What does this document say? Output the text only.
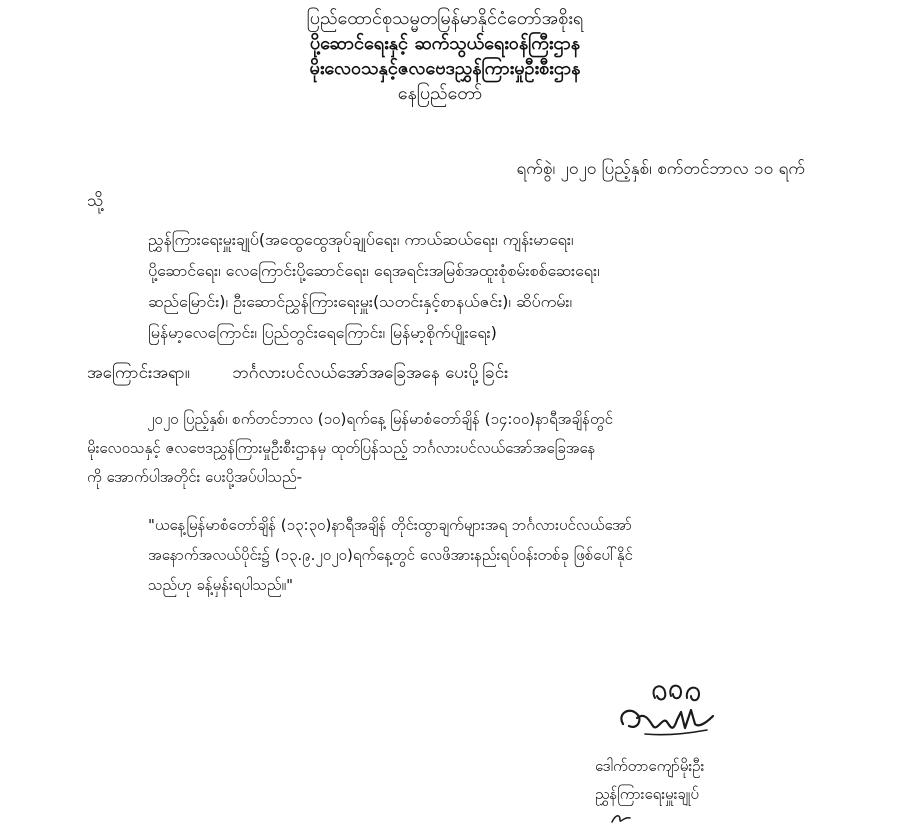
ပြည်ထောင်စုသမ္မတမြန်မာနိုင်ငံတော်အစိုးရ
ပို့ဆောင်ရေးနှင့် ဆက်သွယ်ရေးဝန်ကြီးဌာန
မိုးလေဝသနှင့်ဇလဗေဒညွှန်ကြားမှုဦးစီးဌာန
နေပြည်တော်
ရက်စွဲ၊ ၂၀၂၀ ပြည့်နှစ်၊ စက်တင်ဘာလ ၁၀ ရက်
သို့
ညွှန်ကြားရေးမှူးချုပ်(အထွေထွေအုပ်ချုပ်ရေး၊ ကာယ်ဆယ်ရေး၊ ကျန်းမာရေး၊
ပို့ဆောင်ရေး၊ လေကြောင်းပို့ဆောင်ရေး၊ ရေအရင်းအမြစ်အထူးစုံစမ်းစစ်ဆေးရေး၊
ဆည်မြောင်း)၊ ဦးဆောင်ညွှန်ကြားရေးမှူး(သတင်းနှင့်စာနယ်ဇင်း)၊ ဆိပ်ကမ်း၊
မြန်မာ့လေကြောင်း၊ ပြည်တွင်းရေကြောင်း၊ မြန်မာ့စိုက်ပျိုးရေး)
အကြောင်းအရာ။	ဘင်္ဂလားပင်လယ်အော်အခြေအနေ ပေးပို့ခြင်း
၂၀၂၀ ပြည့်နှစ်၊ စက်တင်ဘာလ (၁၀)ရက်နေ့ မြန်မာစံတော်ချိန် (၁၄:၀၀)နာရီအချိန်တွင်
မိုးလေဝသနှင့် ဇလဗေဒညွှန်ကြားမှုဦးစီးဌာနမှ ထုတ်ပြန်သည့် ဘင်္ဂလားပင်လယ်အော်အခြေအနေ
ကို အောက်ပါအတိုင်း ပေးပို့အပ်ပါသည်-
"ယနေ့မြန်မာစံတော်ချိန် (၁၃:၃၀)နာရီအချိန် တိုင်းထွာချက်များအရ ဘင်္ဂလားပင်လယ်အော်
အနောက်အလယ်ပိုင်း၌ (၁၃.၉.၂၀၂၀)ရက်နေ့တွင် လေဖိအားနည်းရပ်ဝန်းတစ်ခု ဖြစ်ပေါ်နိုင်
သည်ဟု ခန့်မှန်းရပါသည်။"
ဒေါက်တာကျော်မိုးဦး
ညွှန်ကြားရေးမှူးချုပ်
